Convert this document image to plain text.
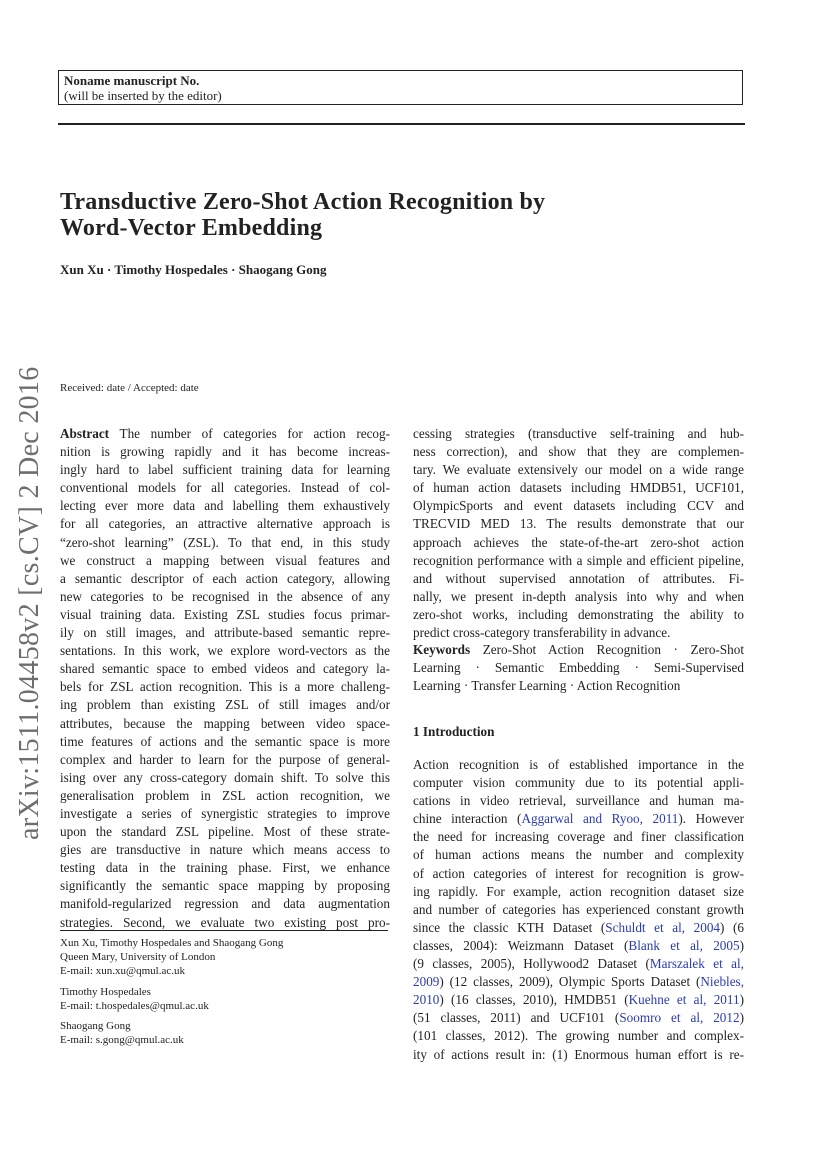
Noname manuscript No.
(will be inserted by the editor)
Transductive Zero-Shot Action Recognition by
Word-Vector Embedding
Xun Xu · Timothy Hospedales · Shaogang Gong
arXiv:1511.04458v2 [cs.CV] 2 Dec 2016 Received: date / Accepted: date
Abstract The number of categories for action recog-
nition is growing rapidly and it has become increas-
ingly hard to label sufficient training data for learning
conventional models for all categories. Instead of col-
lecting ever more data and labelling them exhaustively
for all categories, an attractive alternative approach is
“zero-shot learning” (ZSL). To that end, in this study
we construct a mapping between visual features and
a semantic descriptor of each action category, allowing
new categories to be recognised in the absence of any
visual training data. Existing ZSL studies focus primar-
ily on still images, and attribute-based semantic repre-
sentations. In this work, we explore word-vectors as the
shared semantic space to embed videos and category la-
bels for ZSL action recognition. This is a more challeng-
ing problem than existing ZSL of still images and/or
attributes, because the mapping between video space-
time features of actions and the semantic space is more
complex and harder to learn for the purpose of general-
ising over any cross-category domain shift. To solve this
generalisation problem in ZSL action recognition, we
investigate a series of synergistic strategies to improve
upon the standard ZSL pipeline. Most of these strate-
gies are transductive in nature which means access to
testing data in the training phase. First, we enhance
significantly the semantic space mapping by proposing
manifold-regularized regression and data augmentation
strategies. Second, we evaluate two existing post pro-
cessing strategies (transductive self-training and hub-
ness correction), and show that they are complemen-
tary. We evaluate extensively our model on a wide range
of human action datasets including HMDB51, UCF101,
OlympicSports and event datasets including CCV and
TRECVID MED 13. The results demonstrate that our
approach achieves the state-of-the-art zero-shot action
recognition performance with a simple and efficient pipeline,
and without supervised annotation of attributes. Fi-
nally, we present in-depth analysis into why and when
zero-shot works, including demonstrating the ability to
predict cross-category transferability in advance.
Keywords Zero-Shot Action Recognition · Zero-Shot
Learning · Semantic Embedding · Semi-Supervised
Learning · Transfer Learning · Action Recognition
1 Introduction
Action recognition is of established importance in the
computer vision community due to its potential appli-
cations in video retrieval, surveillance and human ma-
chine interaction (Aggarwal and Ryoo, 2011). However
the need for increasing coverage and finer classification
of human actions means the number and complexity
of action categories of interest for recognition is grow-
ing rapidly. For example, action recognition dataset size
and number of categories has experienced constant growth
since the classic KTH Dataset (Schuldt et al, 2004) (6
classes, 2004): Weizmann Dataset (Blank et al, 2005)
(9 classes, 2005), Hollywood2 Dataset (Marszalek et al,
2009) (12 classes, 2009), Olympic Sports Dataset (Niebles,
2010) (16 classes, 2010), HMDB51 (Kuehne et al, 2011)
(51 classes, 2011) and UCF101 (Soomro et al, 2012)
(101 classes, 2012). The growing number and complex-
ity of actions result in: (1) Enormous human effort is re-
Xun Xu, Timothy Hospedales and Shaogang Gong
Queen Mary, University of London
E-mail: xun.xu@qmul.ac.uk
Timothy Hospedales
E-mail: t.hospedales@qmul.ac.uk
Shaogang Gong
E-mail: s.gong@qmul.ac.uk
